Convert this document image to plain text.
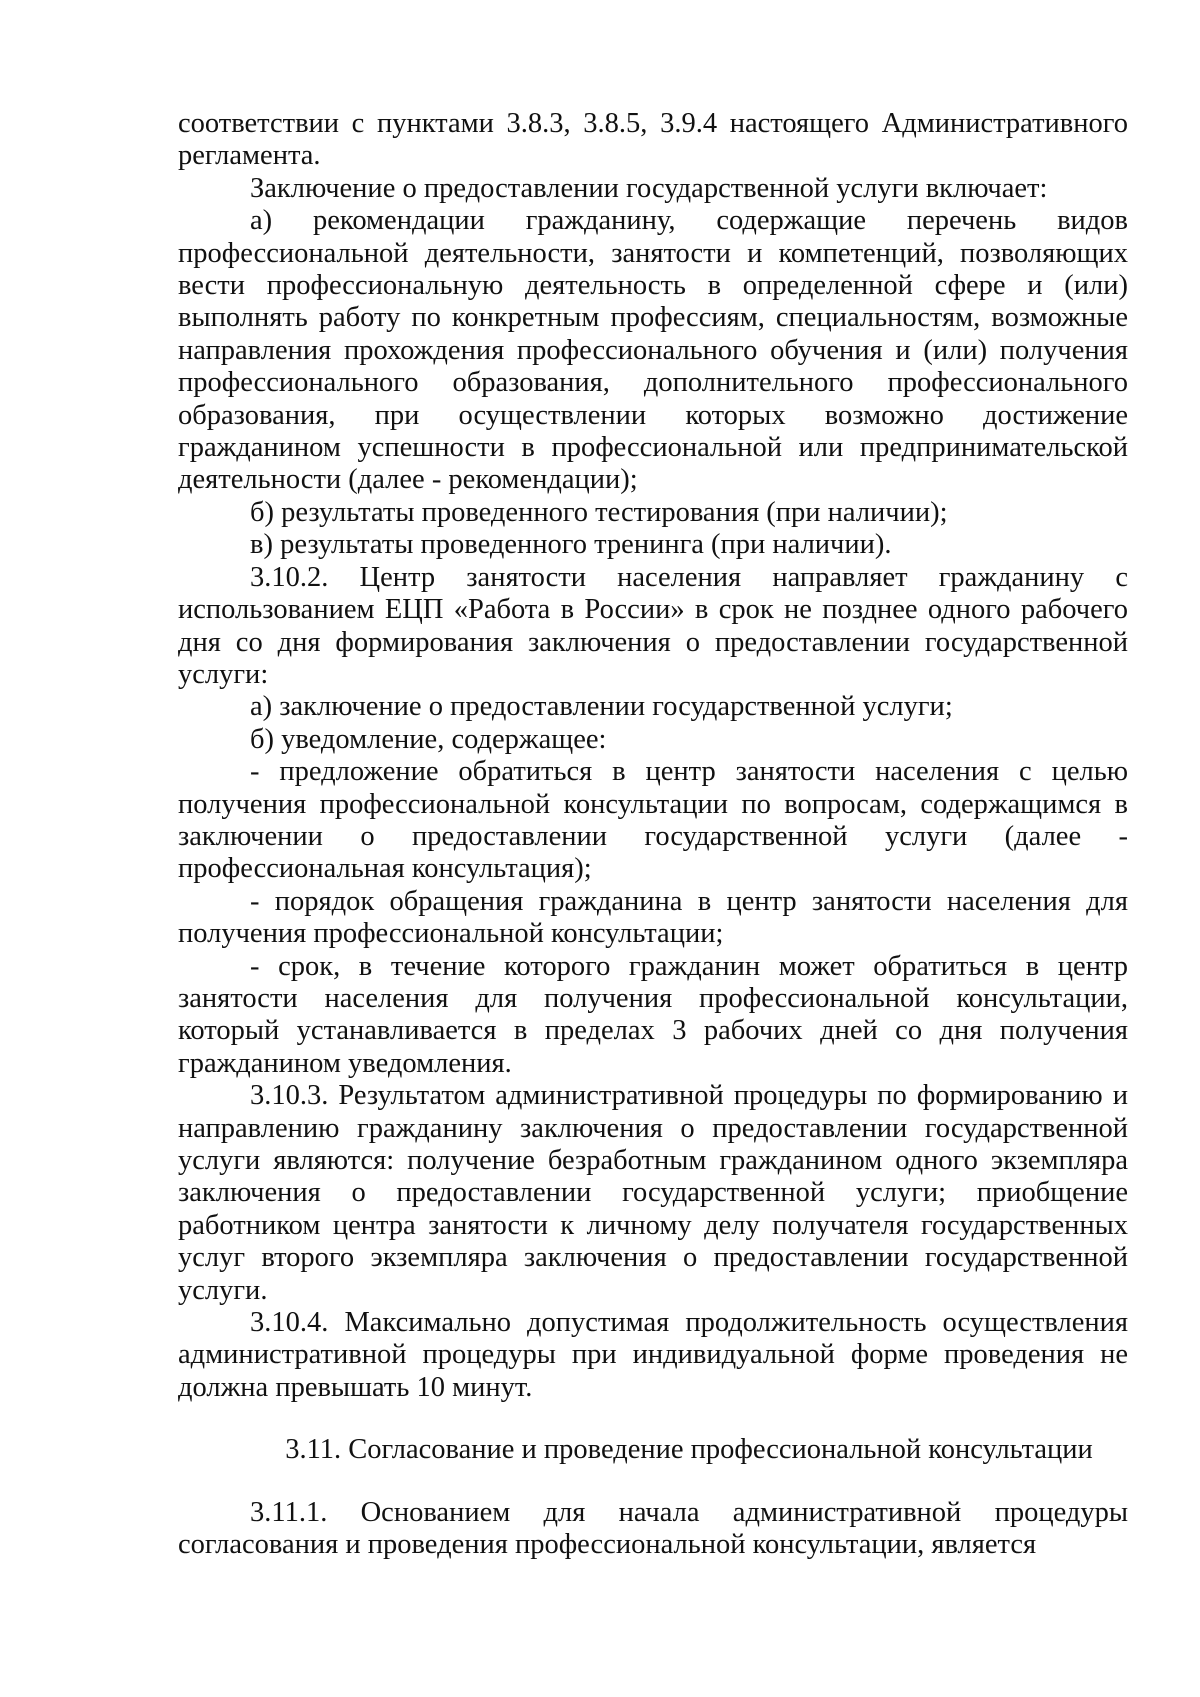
соответствии с пунктами 3.8.3, 3.8.5, 3.9.4 настоящего Административного регламента.

Заключение о предоставлении государственной услуги включает:

а) рекомендации гражданину, содержащие перечень видов профессиональной деятельности, занятости и компетенций, позволяющих вести профессиональную деятельность в определенной сфере и (или) выполнять работу по конкретным профессиям, специальностям, возможные направления прохождения профессионального обучения и (или) получения профессионального образования, дополнительного профессионального образования, при осуществлении которых возможно достижение гражданином успешности в профессиональной или предпринимательской деятельности (далее - рекомендации);

б) результаты проведенного тестирования (при наличии);

в) результаты проведенного тренинга (при наличии).

3.10.2. Центр занятости населения направляет гражданину с использованием ЕЦП «Работа в России» в срок не позднее одного рабочего дня со дня формирования заключения о предоставлении государственной услуги:

а) заключение о предоставлении государственной услуги;

б) уведомление, содержащее:

- предложение обратиться в центр занятости населения с целью получения профессиональной консультации по вопросам, содержащимся в заключении о предоставлении государственной услуги (далее - профессиональная консультация);

- порядок обращения гражданина в центр занятости населения для получения профессиональной консультации;

- срок, в течение которого гражданин может обратиться в центр занятости населения для получения профессиональной консультации, который устанавливается в пределах 3 рабочих дней со дня получения гражданином уведомления.

3.10.3. Результатом административной процедуры по формированию и направлению гражданину заключения о предоставлении государственной услуги являются: получение безработным гражданином одного экземпляра заключения о предоставлении государственной услуги; приобщение работником центра занятости к личному делу получателя государственных услуг второго экземпляра заключения о предоставлении государственной услуги.

3.10.4. Максимально допустимая продолжительность осуществления административной процедуры при индивидуальной форме проведения не должна превышать 10 минут.

3.11. Согласование и проведение профессиональной консультации

3.11.1. Основанием для начала административной процедуры согласования и проведения профессиональной консультации, является
